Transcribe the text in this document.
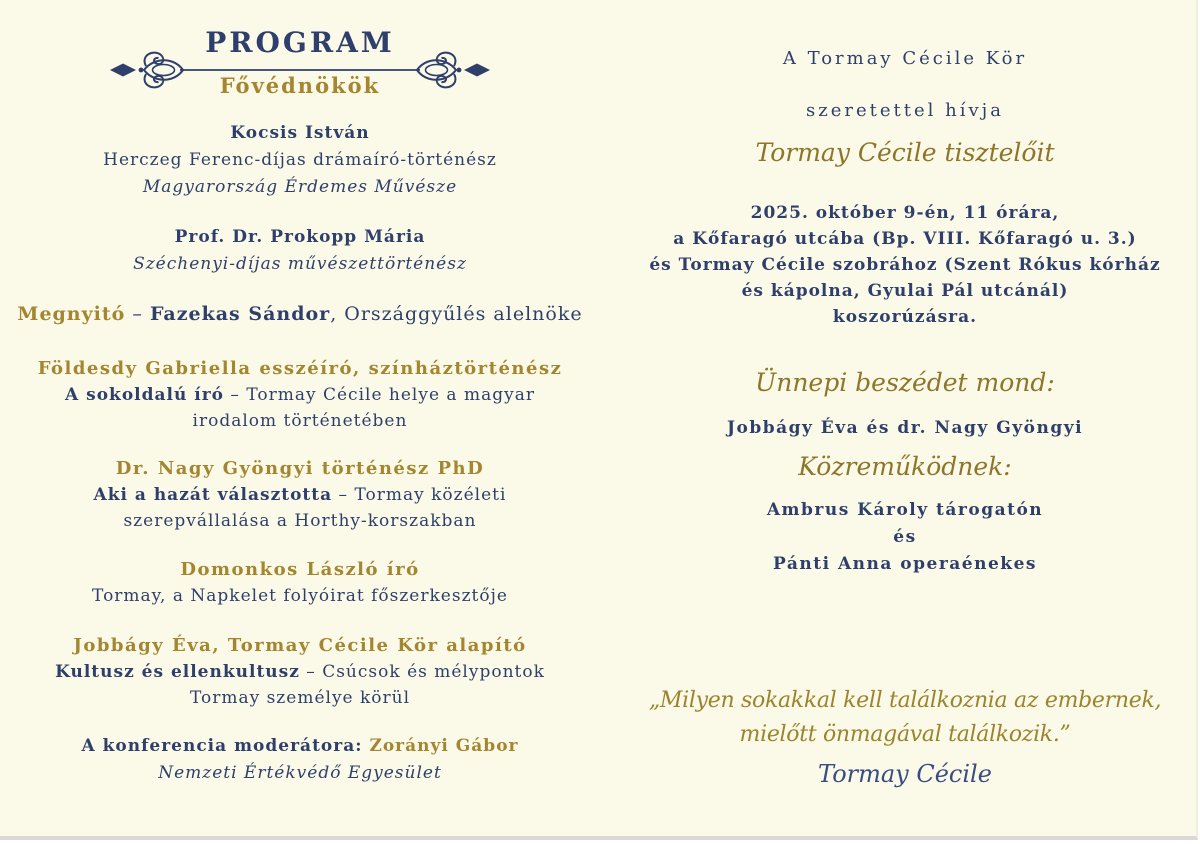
PROGRAM
Fővédnökök
Kocsis István
Herczeg Ferenc-díjas drámaíró-történész
Magyarország Érdemes Művésze
Prof. Dr. Prokopp Mária
Széchenyi-díjas művészettörténész
Megnyitó – Fazekas Sándor, Országgyűlés alelnöke
Földesdy Gabriella esszéíró, színháztörténész
A sokoldalú író – Tormay Cécile helye a magyar
irodalom történetében
Dr. Nagy Gyöngyi történész PhD
Aki a hazát választotta – Tormay közéleti
szerepvállalása a Horthy-korszakban
Domonkos László író
Tormay, a Napkelet folyóirat főszerkesztője
Jobbágy Éva, Tormay Cécile Kör alapító
Kultusz és ellenkultusz – Csúcsok és mélypontok
Tormay személye körül
A konferencia moderátora: Zorányi Gábor
Nemzeti Értékvédő Egyesület
A Tormay Cécile Kör
szeretettel hívja
Tormay Cécile tisztelőit
2025. október 9-én, 11 órára,
a Kőfaragó utcába (Bp. VIII. Kőfaragó u. 3.)
és Tormay Cécile szobrához (Szent Rókus kórház
és kápolna, Gyulai Pál utcánál)
koszorúzásra.
Ünnepi beszédet mond:
Jobbágy Éva és dr. Nagy Gyöngyi
Közreműködnek:
Ambrus Károly tárogatón
és
Pánti Anna operaénekes
„Milyen sokakkal kell találkoznia az embernek,
mielőtt önmagával találkozik.”
Tormay Cécile
